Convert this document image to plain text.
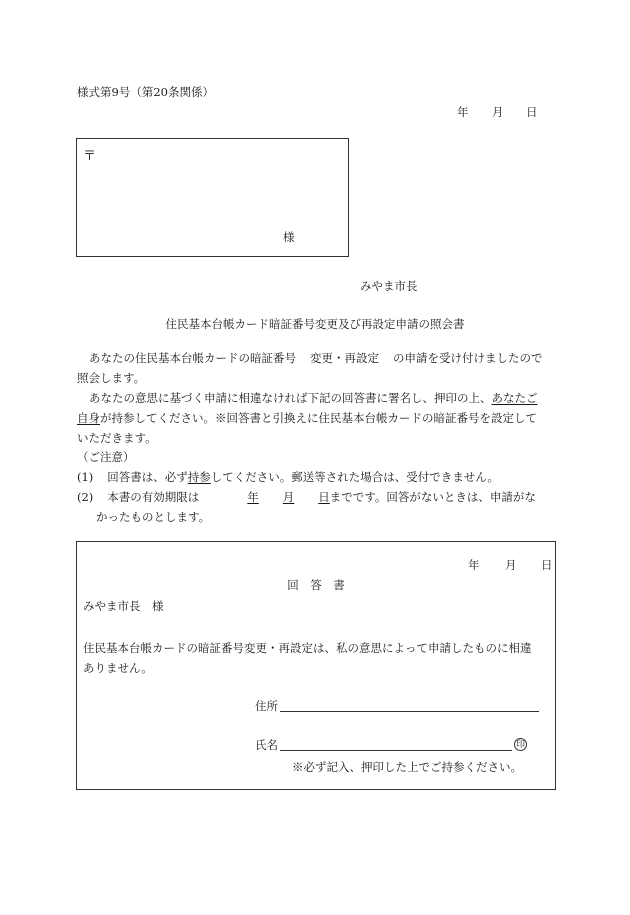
様式第9号（第20条関係）
年 月 日
〒
様
みやま市長
住民基本台帳カード暗証番号変更及び再設定申請の照会書
あなたの住民基本台帳カードの暗証番号 変更・再設定 の申請を受け付けましたので
照会します。
あなたの意思に基づく申請に相違なければ下記の回答書に署名し、押印の上、あなたご
自身が持参してください。※回答書と引換えに住民基本台帳カードの暗証番号を設定して
いただきます。
（ご注意）
(1) 回答書は、必ず持参してください。郵送等された場合は、受付できません。
(2) 本書の有効期限は	年 月 日までです。回答がないときは、申請がな
かったものとします。
年 月 日
回　答　書
みやま市長　様
住民基本台帳カードの暗証番号変更・再設定は、私の意思によって申請したものに相違
ありません。
住所
氏名	印
※必ず記入、押印した上でご持参ください。
